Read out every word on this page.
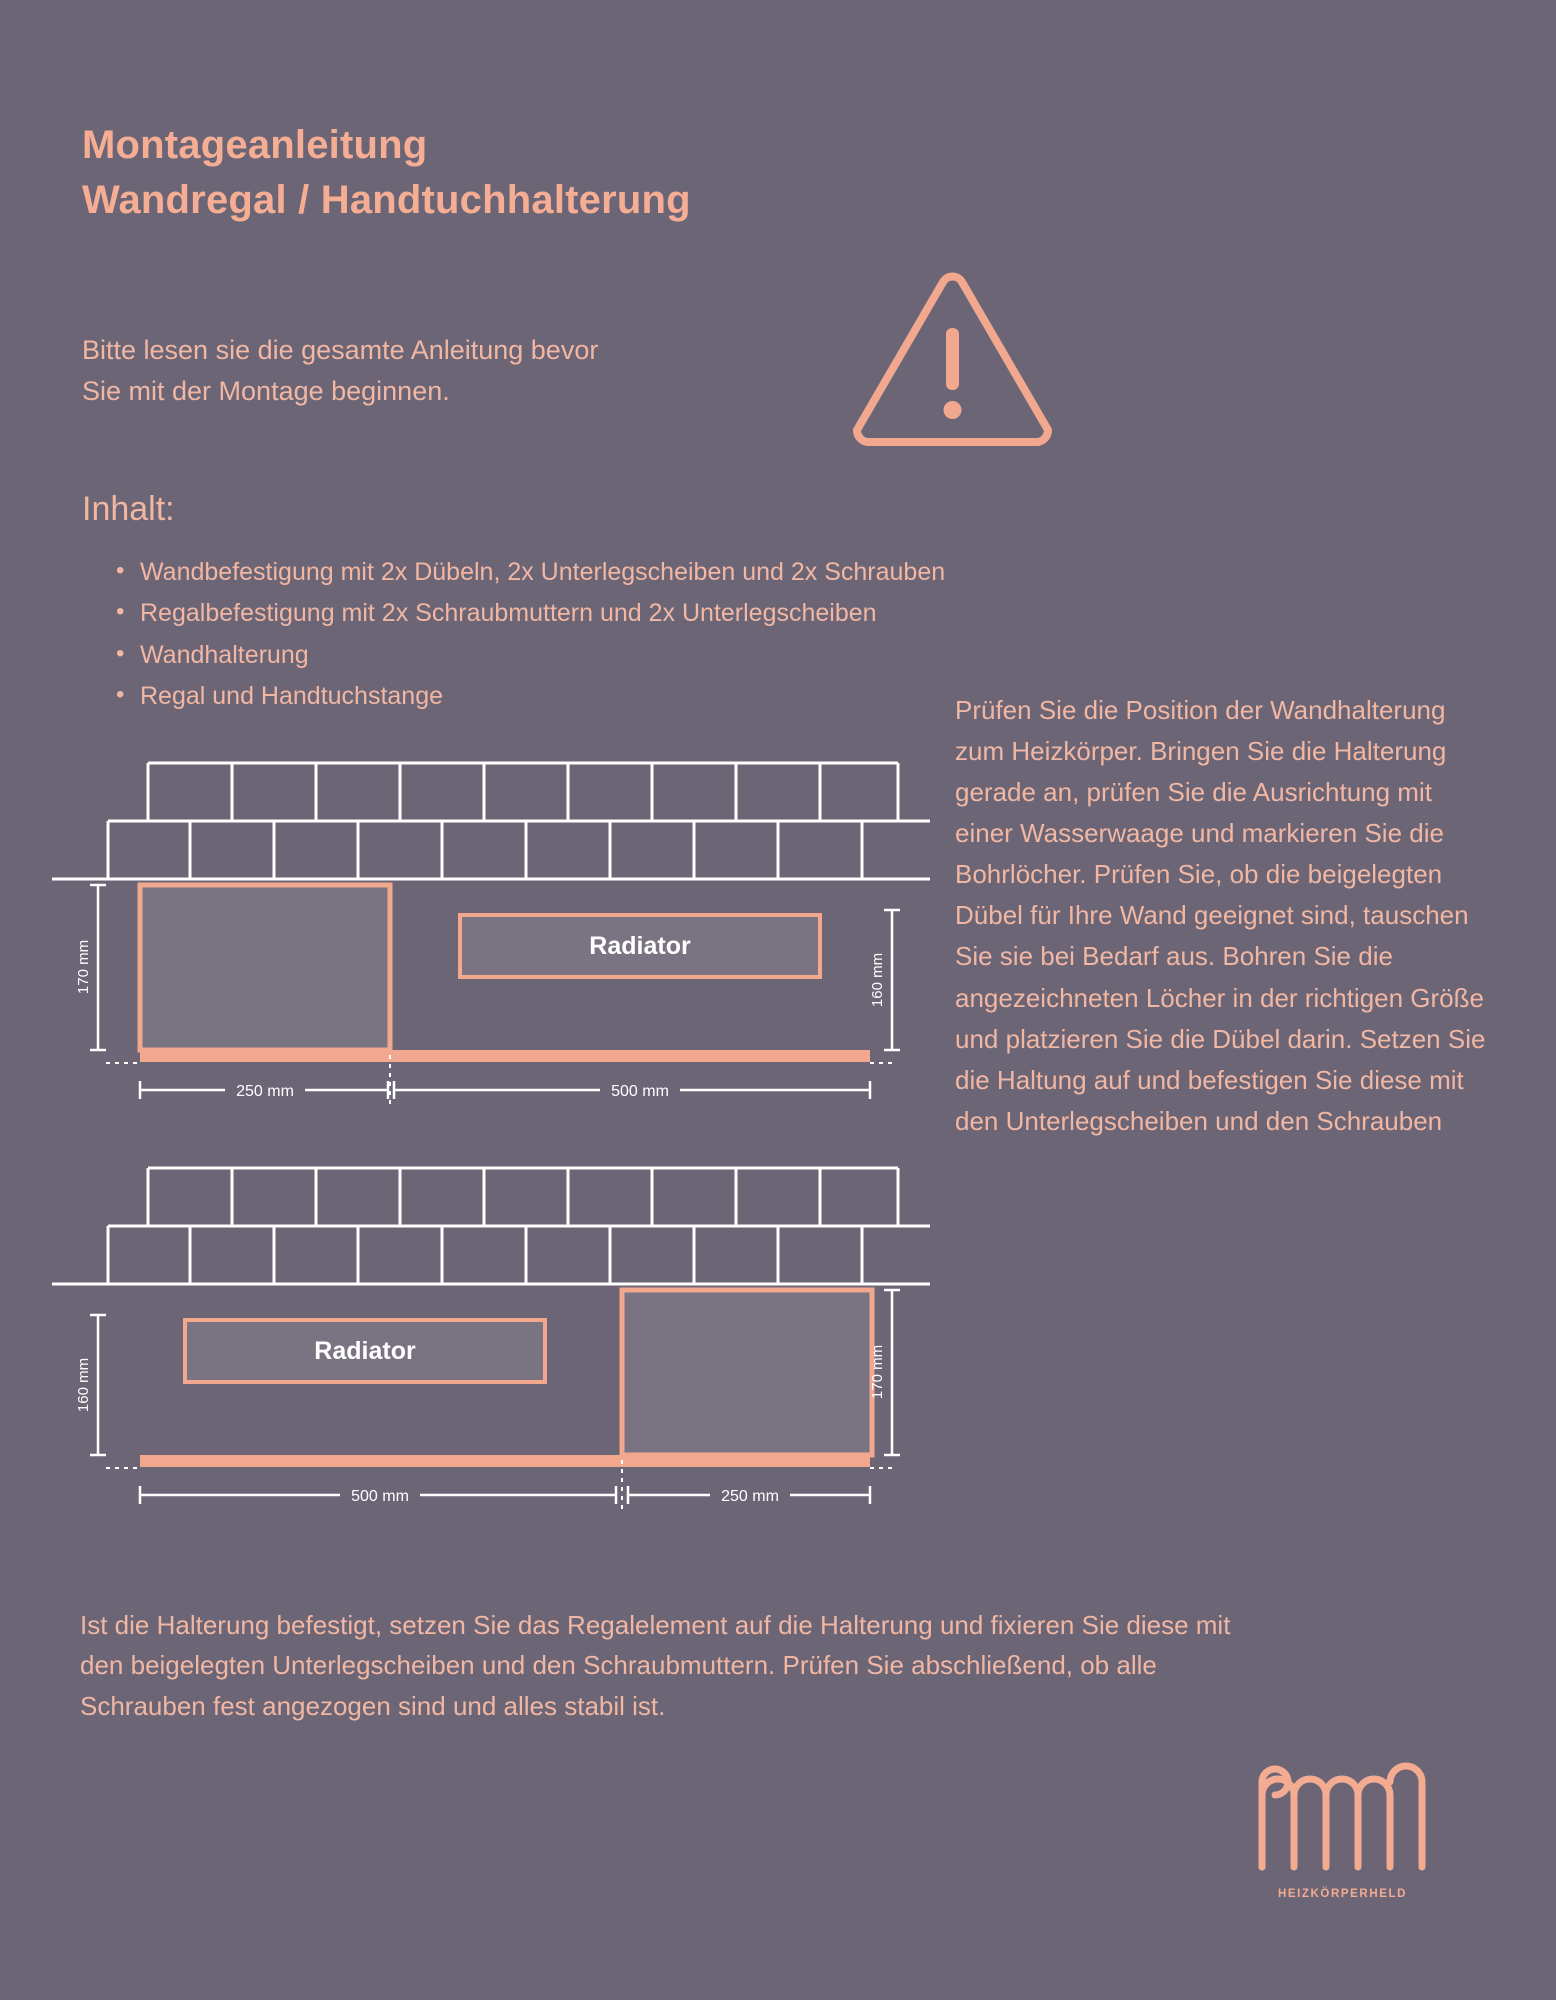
Montageanleitung
Wandregal / Handtuchhalterung
Bitte lesen sie die gesamte Anleitung bevor
Sie mit der Montage beginnen.
Inhalt:
• Wandbefestigung mit 2x Dübeln, 2x Unterlegscheiben und 2x Schrauben
• Regalbefestigung mit 2x Schraubmuttern und 2x Unterlegscheiben
• Wandhalterung
• Regal und Handtuchstange	Prüfen Sie die Position der Wandhalterung zum Heizkörper. Bringen Sie die Halterung gerade an, prüfen Sie die Ausrichtung mit einer Wasserwaage und markieren Sie die Bohrlöcher. Prüfen Sie, ob die beigelegten Dübel für Ihre Wand geeignet sind, tauschen Sie sie bei Bedarf aus. Bohren Sie die angezeichneten Löcher in der richtigen Größe und platzieren Sie die Dübel darin. Setzen Sie die Haltung auf und befestigen Sie diese mit den Unterlegscheiben und den Schrauben
Radiator
170 mm	160 mm
250 mm	500 mm
Radiator
160 mm	170 mm
500 mm	250 mm
Ist die Halterung befestigt, setzen Sie das Regalelement auf die Halterung und fixieren Sie diese mit den beigelegten Unterlegscheiben und den Schraubmuttern. Prüfen Sie abschließend, ob alle Schrauben fest angezogen sind und alles stabil ist.
HEIZKÖRPERHELD
